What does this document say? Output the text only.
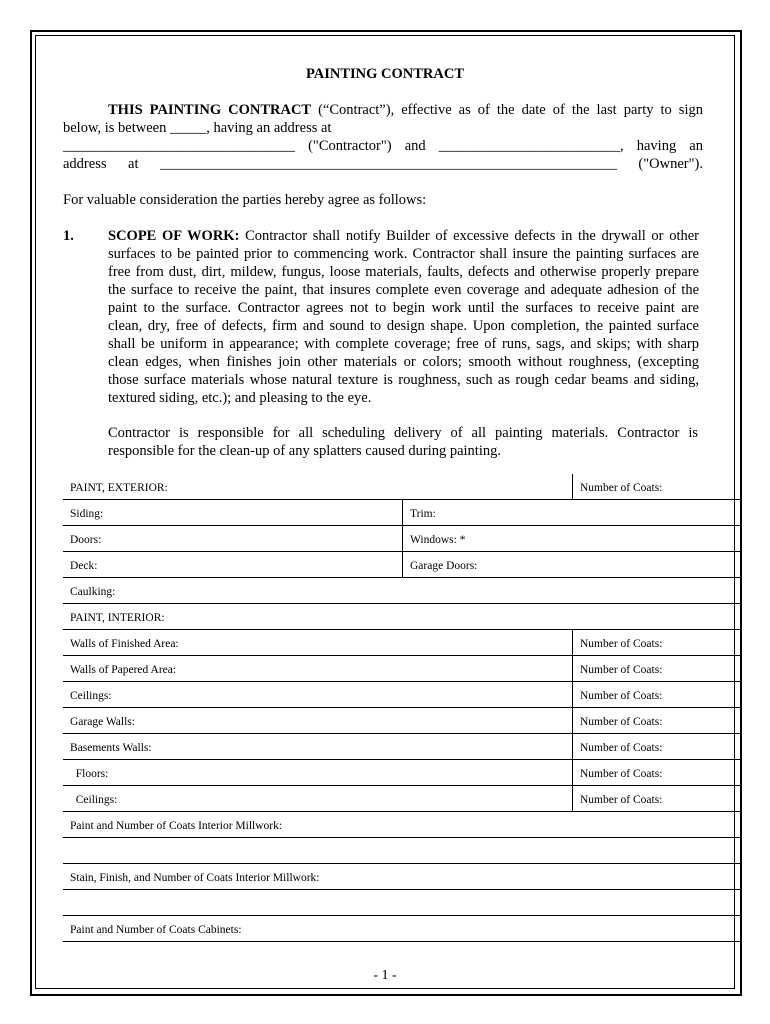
PAINTING CONTRACT
THIS PAINTING CONTRACT (“Contract”), effective as of the date of the last party to sign
below, is between _____, having an address at
________________________________ ("Contractor") and _________________________, having an
address at _______________________________________________________________ ("Owner").
For valuable consideration the parties hereby agree as follows:
1. SCOPE OF WORK: Contractor shall notify Builder of excessive defects in the drywall or other
surfaces to be painted prior to commencing work. Contractor shall insure the painting surfaces are
free from dust, dirt, mildew, fungus, loose materials, faults, defects and otherwise properly prepare
the surface to receive the paint, that insures complete even coverage and adequate adhesion of the
paint to the surface. Contractor agrees not to begin work until the surfaces to receive paint are
clean, dry, free of defects, firm and sound to design shape. Upon completion, the painted surface
shall be uniform in appearance; with complete coverage; free of runs, sags, and skips; with sharp
clean edges, when finishes join other materials or colors; smooth without roughness, (excepting
those surface materials whose natural texture is roughness, such as rough cedar beams and siding,
textured siding, etc.); and pleasing to the eye.
Contractor is responsible for all scheduling delivery of all painting materials. Contractor is
responsible for the clean-up of any splatters caused during painting.
PAINT, EXTERIOR:	Number of Coats:
Siding:	Trim:
Doors:	Windows: *
Deck:	Garage Doors:
Caulking:
PAINT, INTERIOR:
Walls of Finished Area:	Number of Coats:
Walls of Papered Area:	Number of Coats:
Ceilings:	Number of Coats:
Garage Walls:	Number of Coats:
Basements Walls:	Number of Coats:
Floors:	Number of Coats:
Ceilings:	Number of Coats:
Paint and Number of Coats Interior Millwork:
Stain, Finish, and Number of Coats Interior Millwork:
Paint and Number of Coats Cabinets:
- 1 -
